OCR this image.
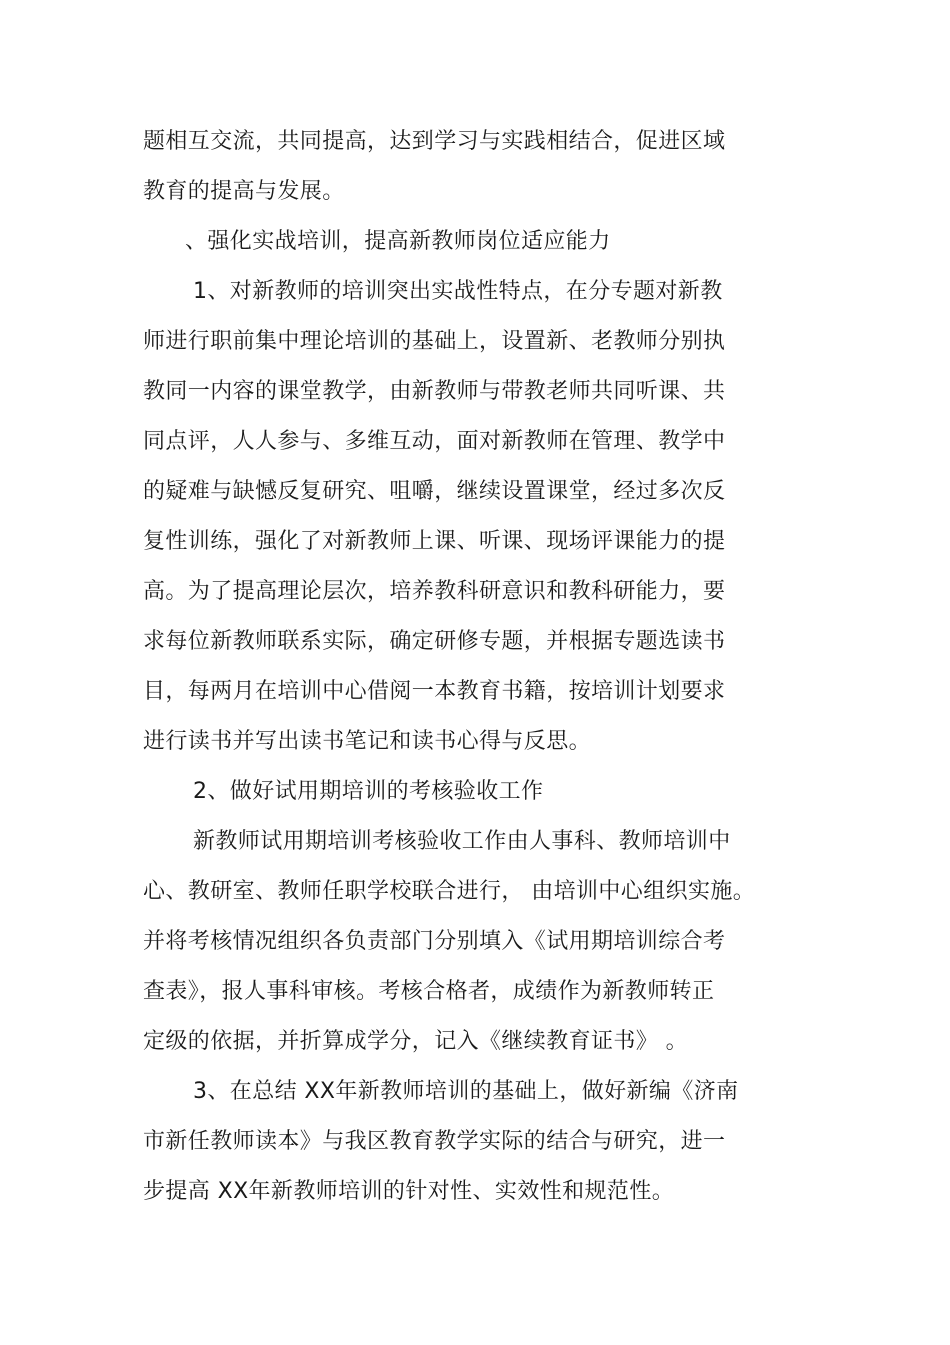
题相互交流，共同提高，达到学习与实践相结合，促进区域
教育的提高与发展。
、强化实战培训，提高新教师岗位适应能力
1、对新教师的培训突出实战性特点，在分专题对新教
师进行职前集中理论培训的基础上，设置新、老教师分别执
教同一内容的课堂教学，由新教师与带教老师共同听课、共
同点评，人人参与、多维互动，面对新教师在管理、教学中
的疑难与缺憾反复研究、咀嚼，继续设置课堂，经过多次反
复性训练，强化了对新教师上课、听课、现场评课能力的提
高。为了提高理论层次，培养教科研意识和教科研能力，要
求每位新教师联系实际，确定研修专题，并根据专题选读书
目，每两月在培训中心借阅一本教育书籍，按培训计划要求
进行读书并写出读书笔记和读书心得与反思。
2、做好试用期培训的考核验收工作
新教师试用期培训考核验收工作由人事科、教师培训中
心、教研室、教师任职学校联合进行， 由培训中心组织实施。
并将考核情况组织各负责部门分别填入《试用期培训综合考
查表》，报人事科审核。考核合格者，成绩作为新教师转正
定级的依据，并折算成学分，记入《继续教育证书》 。
3、在总结 XX年新教师培训的基础上，做好新编《济南
市新任教师读本》与我区教育教学实际的结合与研究，进一
步提高 XX年新教师培训的针对性、实效性和规范性。
